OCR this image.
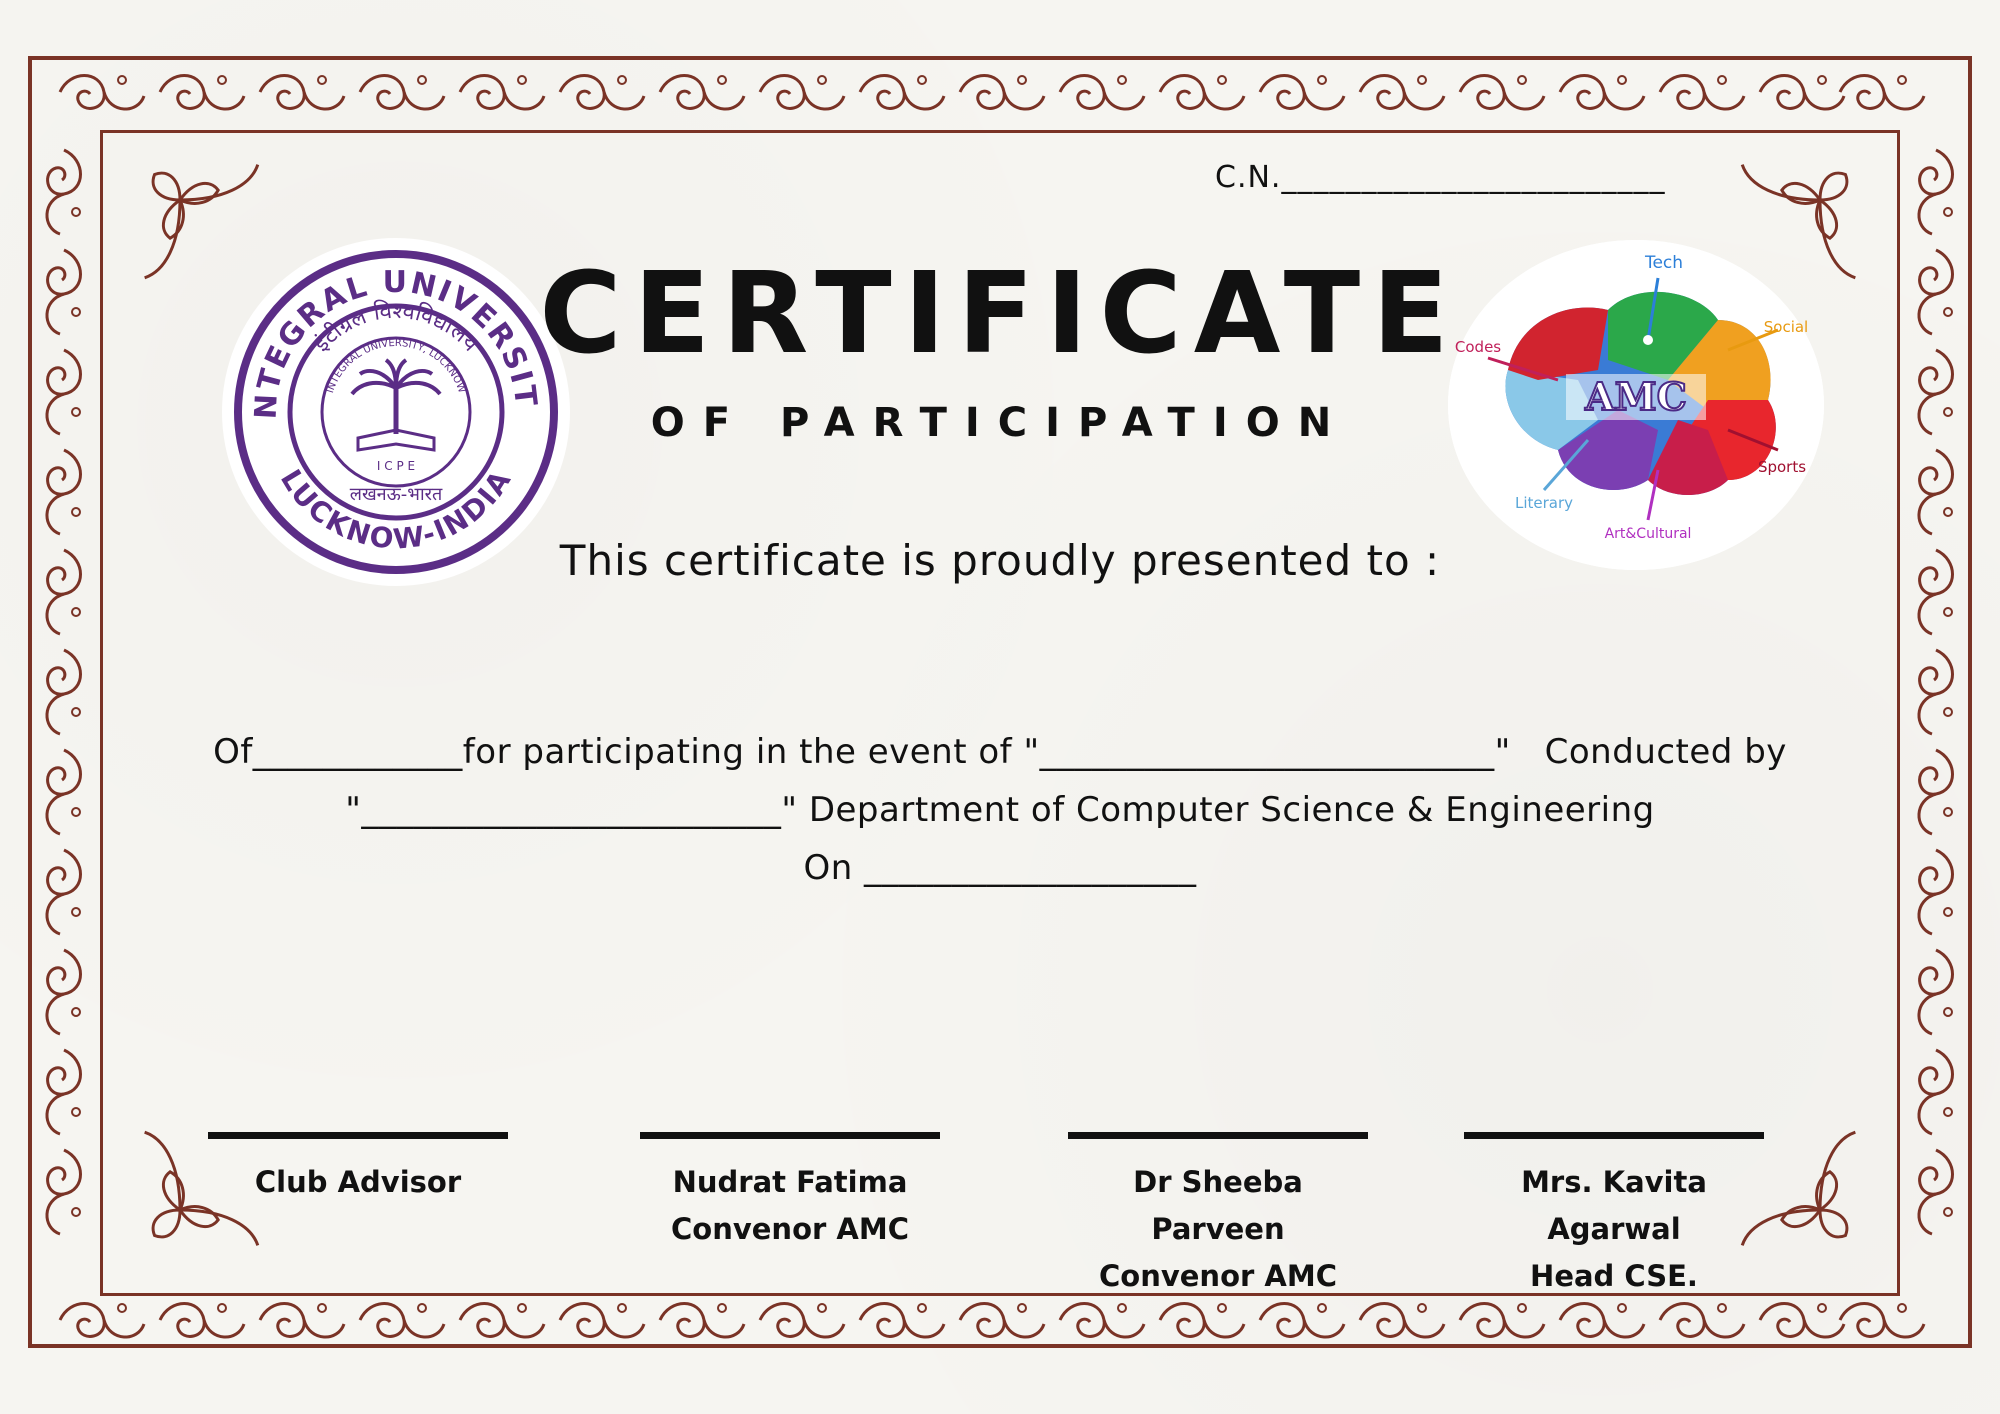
C.N.________________________
NTEGRAL UNIVERSIT
LUCKNOW-INDIA
इंटीग्रल विश्वविद्यालय
INTEGRAL UNIVERSITY, LUCKNOW
I C P E
लखनऊ-भारत
CERTIFICATE
OF PARTICIPATION
AMC
Tech
Social
Codes
Sports
Literary
Art&Cultural
This certificate is proudly presented to :
Of____________for participating in the event of "__________________________"   Conducted by
"________________________" Department of Computer Science & Engineering
On ___________________
Club Advisor	Nudrat Fatima
Convenor AMC
Dr Sheeba Parveen
Convenor AMC
Mrs. Kavita Agarwal
Head CSE.
